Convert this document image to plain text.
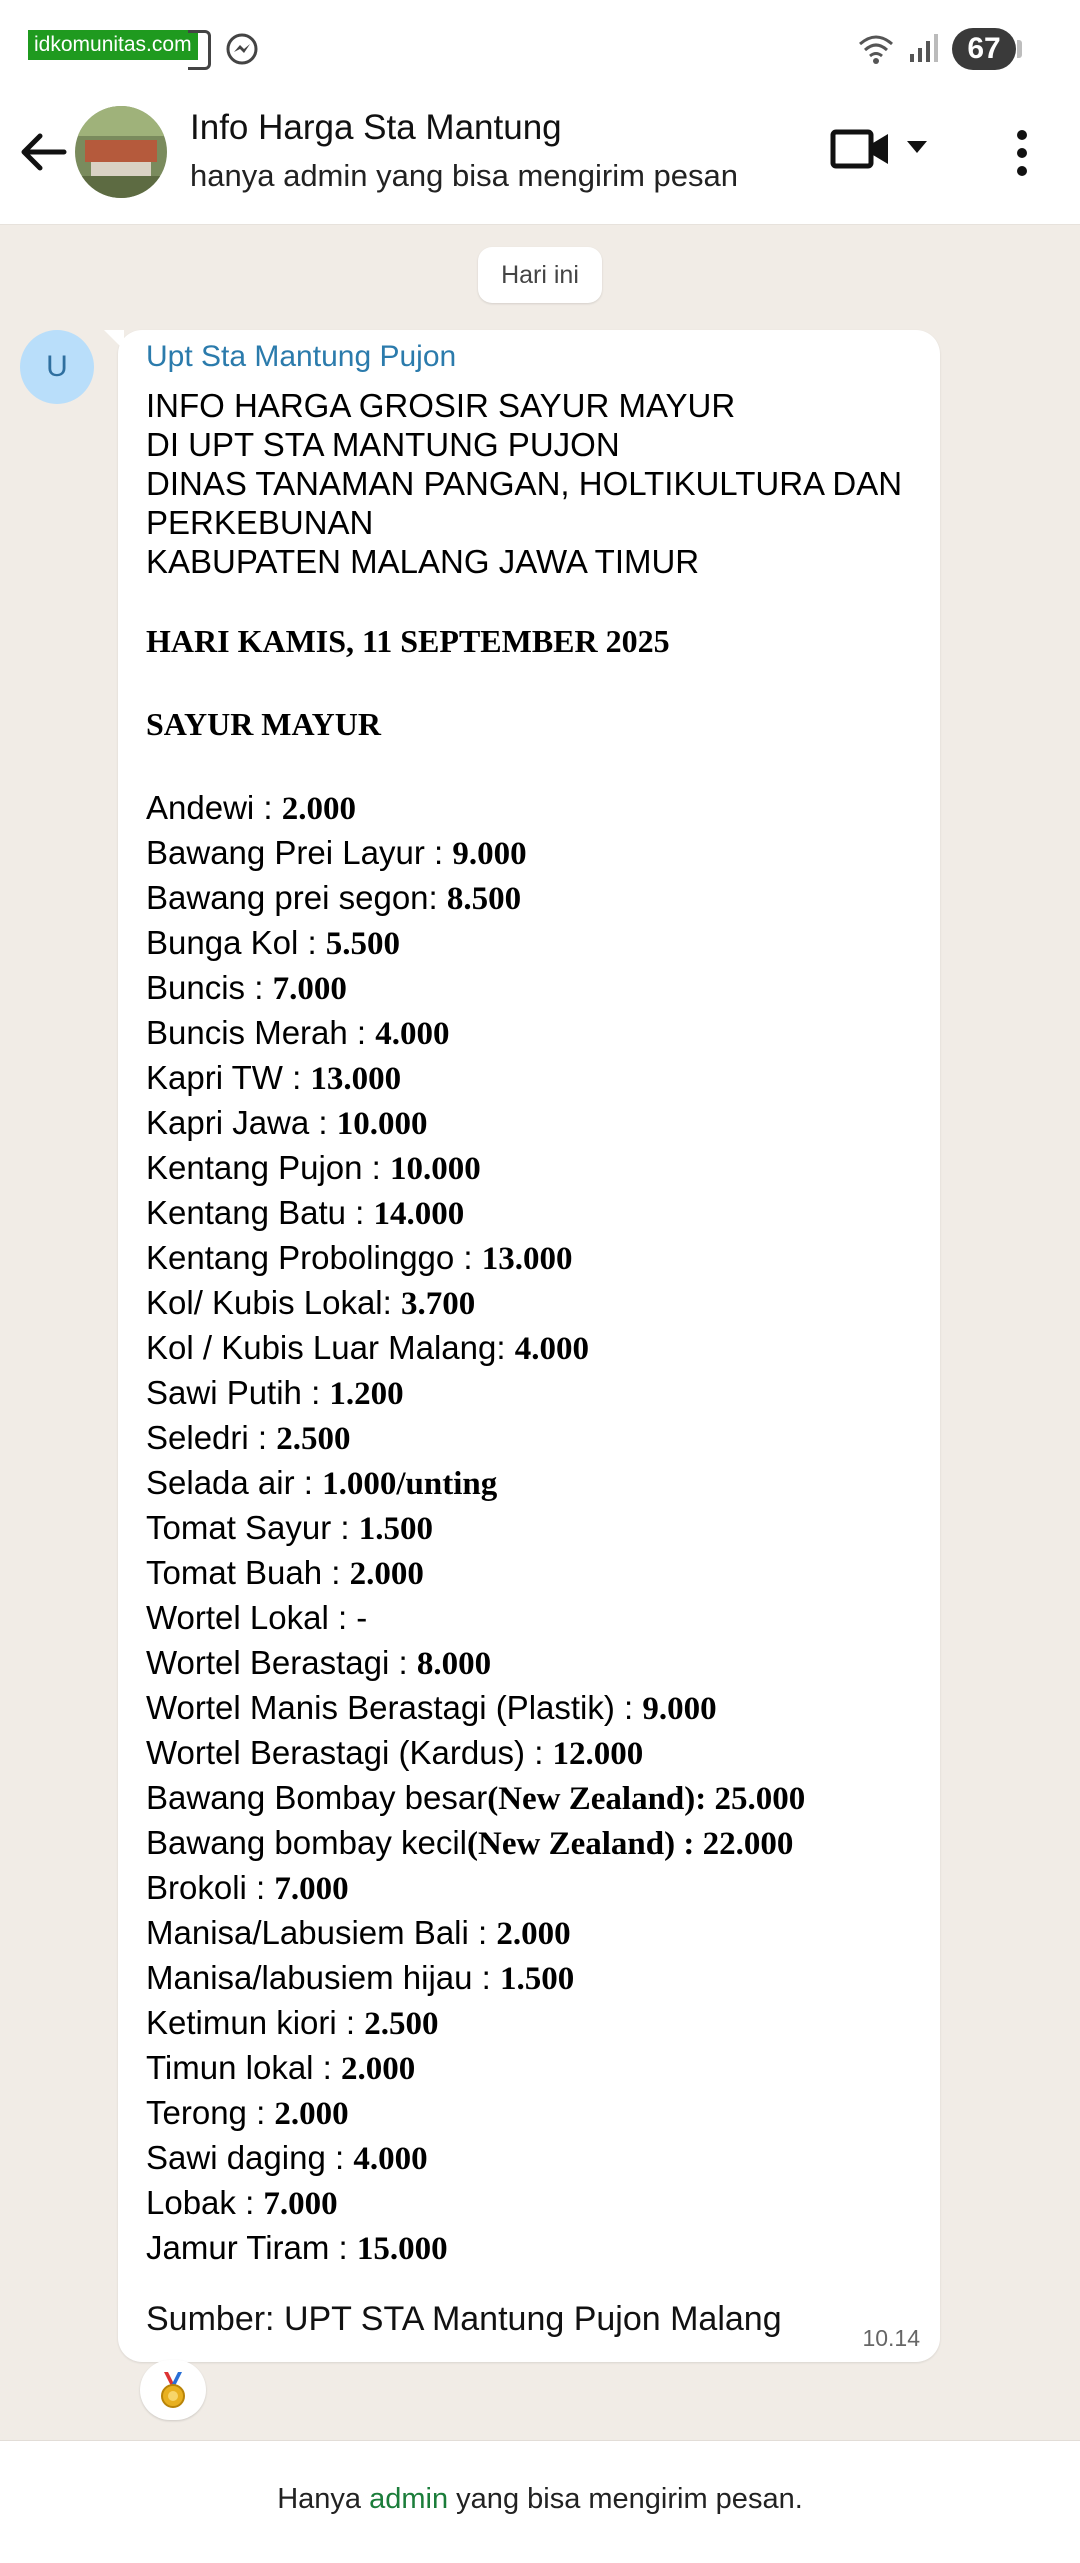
idkomunitas.com	67
Info Harga Sta Mantung
hanya admin yang bisa mengirim pesan
Hari ini
U	Upt Sta Mantung Pujon
INFO HARGA GROSIR SAYUR MAYUR
DI UPT STA MANTUNG PUJON
DINAS TANAMAN PANGAN, HOLTIKULTURA DAN
PERKEBUNAN
KABUPATEN MALANG JAWA TIMUR
HARI KAMIS, 11 SEPTEMBER 2025
SAYUR MAYUR
Andewi : 2.000
Bawang Prei Layur : 9.000
Bawang prei segon: 8.500
Bunga Kol : 5.500
Buncis : 7.000
Buncis Merah : 4.000
Kapri TW : 13.000
Kapri Jawa : 10.000
Kentang Pujon : 10.000
Kentang Batu : 14.000
Kentang Probolinggo : 13.000
Kol/ Kubis Lokal: 3.700
Kol / Kubis Luar Malang: 4.000
Sawi Putih : 1.200
Seledri : 2.500
Selada air : 1.000/unting
Tomat Sayur : 1.500
Tomat Buah : 2.000
Wortel Lokal : -
Wortel Berastagi : 8.000
Wortel Manis Berastagi (Plastik) : 9.000
Wortel Berastagi (Kardus) : 12.000
Bawang Bombay besar(New Zealand): 25.000
Bawang bombay kecil(New Zealand) : 22.000
Brokoli : 7.000
Manisa/Labusiem Bali : 2.000
Manisa/labusiem hijau : 1.500
Ketimun kiori : 2.500
Timun lokal : 2.000
Terong : 2.000
Sawi daging : 4.000
Lobak : 7.000
Jamur Tiram : 15.000
Sumber: UPT STA Mantung Pujon Malang	10.14
Hanya admin yang bisa mengirim pesan.
